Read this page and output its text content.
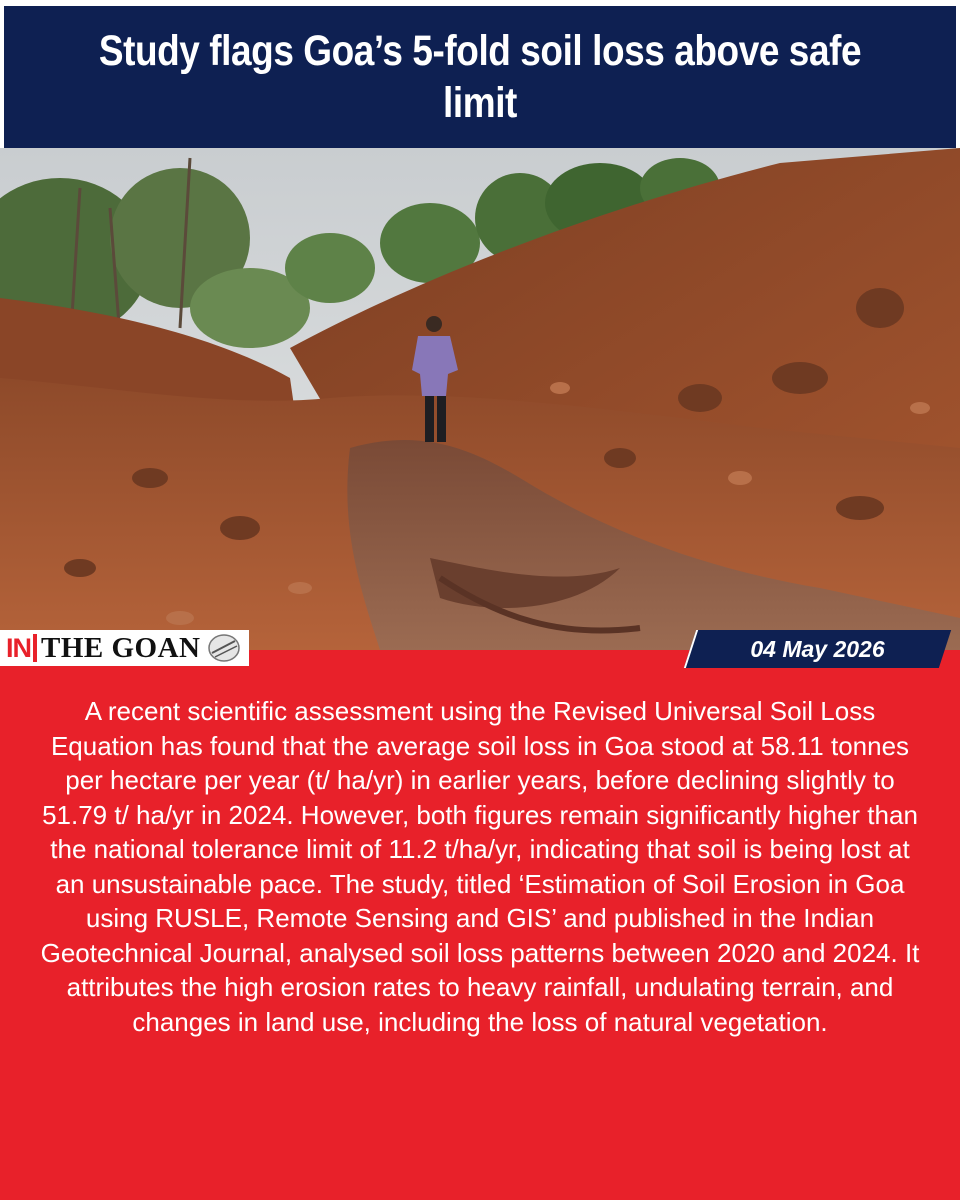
Study flags Goa’s 5-fold soil loss above safe limit
IN THE GOAN	04 May 2026

A recent scientific assessment using the Revised Universal Soil Loss Equation has found that the average soil loss in Goa stood at 58.11 tonnes per hectare per year (t/ ha/yr) in earlier years, before declining slightly to 51.79 t/ ha/yr in 2024. However, both figures remain significantly higher than the national tolerance limit of 11.2 t/ha/yr, indicating that soil is being lost at an unsustainable pace. The study, titled ‘Estimation of Soil Erosion in Goa using RUSLE, Remote Sensing and GIS’ and published in the Indian Geotechnical Journal, analysed soil loss patterns between 2020 and 2024. It attributes the high erosion rates to heavy rainfall, undulating terrain, and changes in land use, including the loss of natural vegetation.
